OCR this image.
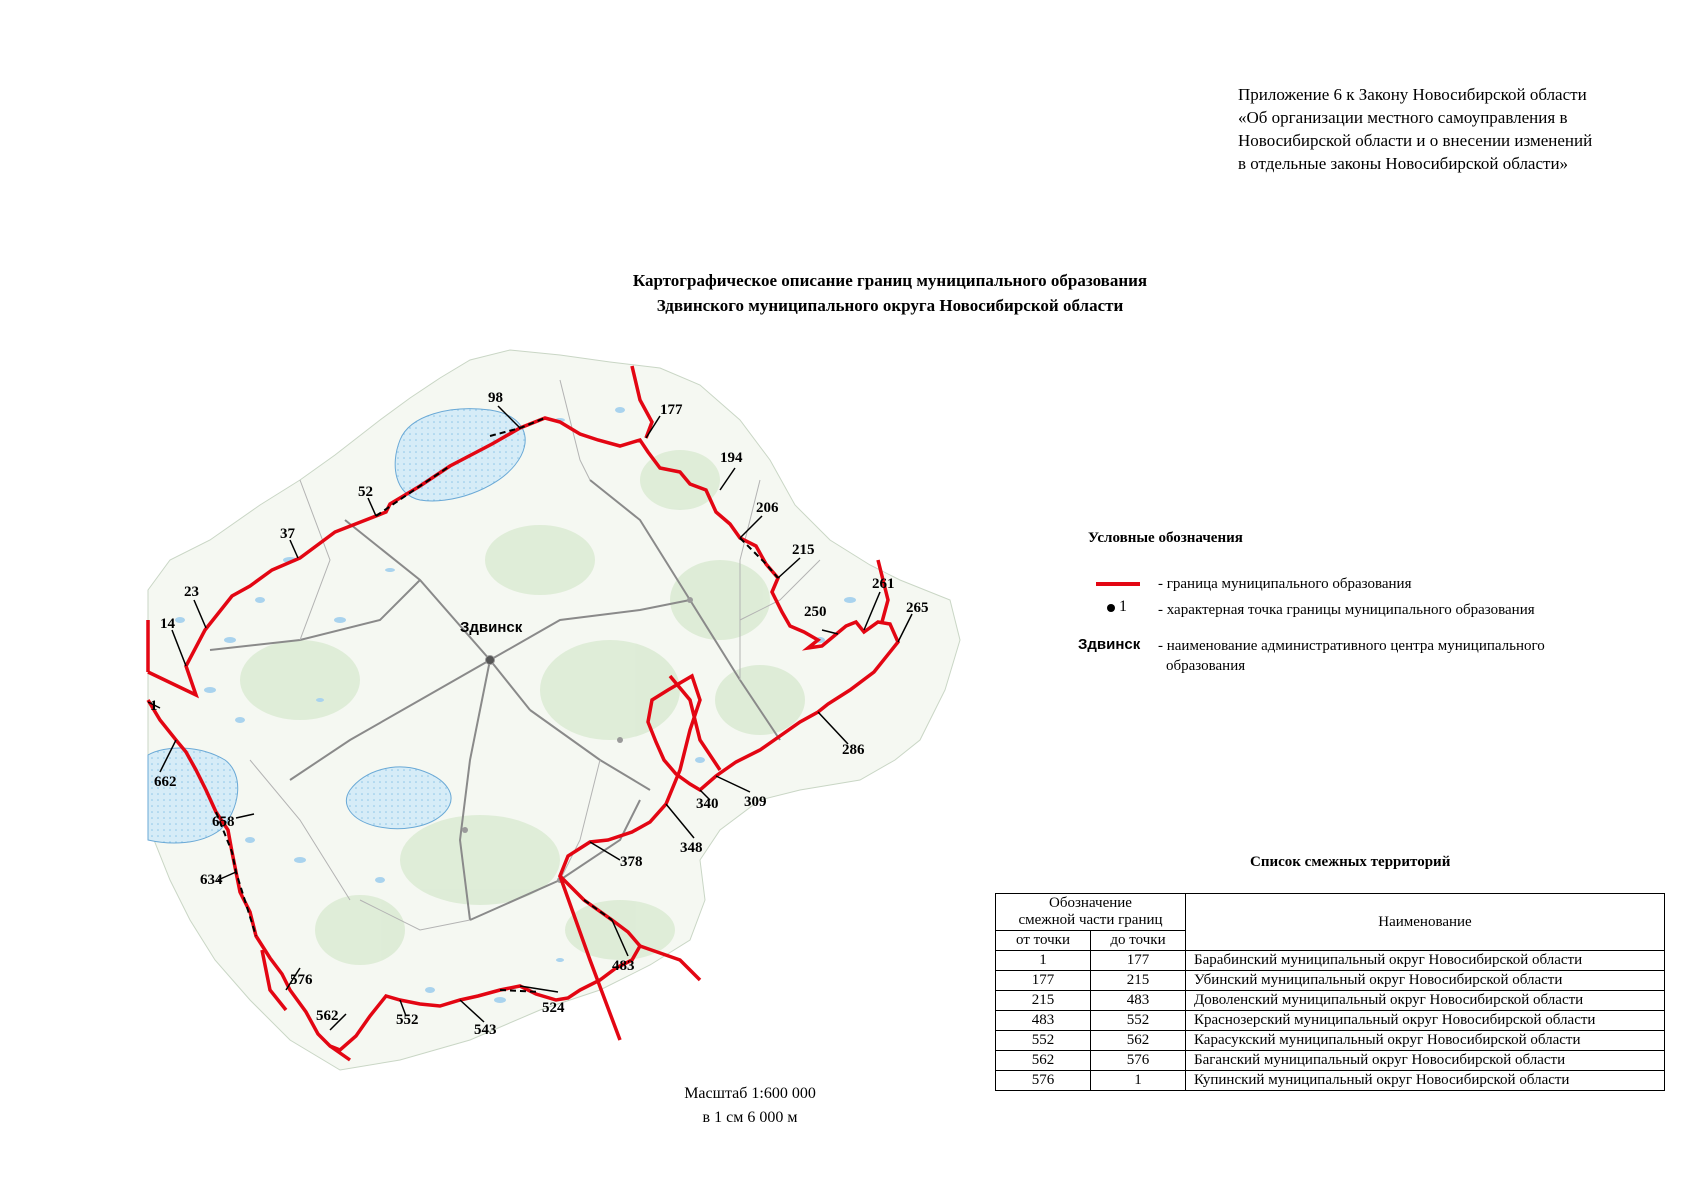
Приложение 6 к Закону Новосибирской области
«Об организации местного самоуправления в
Новосибирской области и о внесении изменений
в отдельные законы Новосибирской области»
Картографическое описание границ муниципального образования
Здвинского муниципального округа Новосибирской области
1
14
23
37
52
98
177
194
206
215
250
261
265
286
309
340
348
378
483
524
543
552
562
576
634
658
662
Здвинск
Масштаб 1:600 000
в 1 см 6 000 м
Условные обозначения
- граница муниципального образования
1 - характерная точка границы муниципального образования
Здвинск - наименование административного центра муниципального
образования
Список смежных территорий
Обозначение
смежной части границ		Наименование
от точки	до точки	
1	177	Барабинский муниципальный округ Новосибирской области
177	215	Убинский муниципальный округ Новосибирской области
215	483	Доволенский муниципальный округ Новосибирской области
483	552	Краснозерский муниципальный округ Новосибирской области
552	562	Карасукский муниципальный округ Новосибирской области
562	576	Баганский муниципальный округ Новосибирской области
576	1	Купинский муниципальный округ Новосибирской области
